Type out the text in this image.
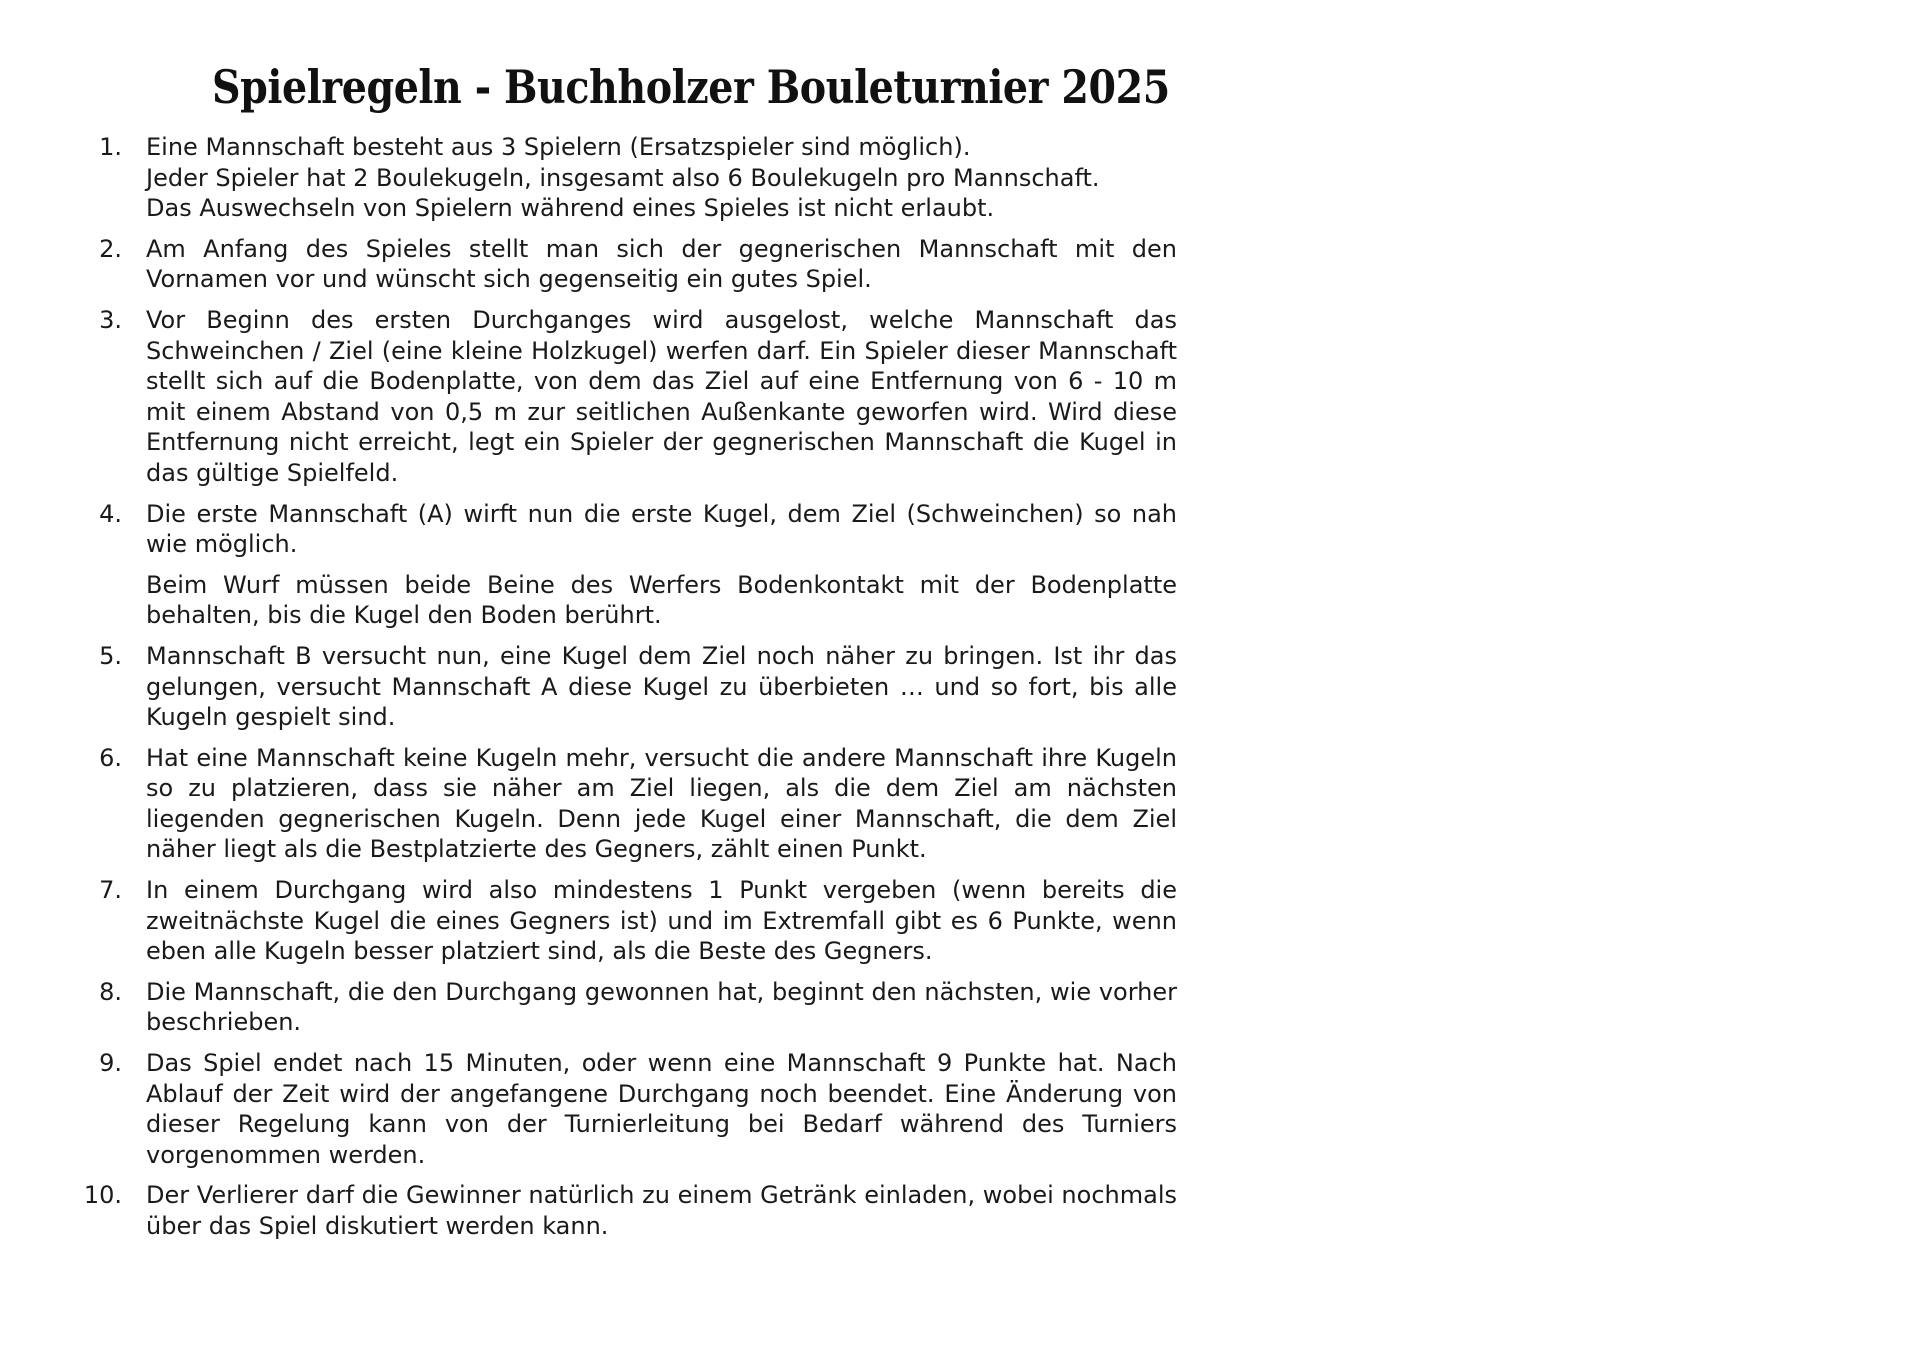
Spielregeln - Buchholzer Bouleturnier 2025
1. Eine Mannschaft besteht aus 3 Spielern (Ersatzspieler sind möglich).
Jeder Spieler hat 2 Boulekugeln, insgesamt also 6 Boulekugeln pro Mannschaft.
Das Auswechseln von Spielern während eines Spieles ist nicht erlaubt.

2. Am Anfang des Spieles stellt man sich der gegnerischen Mannschaft mit den Vornamen vor und wünscht sich gegenseitig ein gutes Spiel.

3. Vor Beginn des ersten Durchganges wird ausgelost, welche Mannschaft das Schweinchen / Ziel (eine kleine Holzkugel) werfen darf. Ein Spieler dieser Mannschaft stellt sich auf die Bodenplatte, von dem das Ziel auf eine Entfernung von 6 - 10 m mit einem Abstand von 0,5 m zur seitlichen Außenkante geworfen wird. Wird diese Entfernung nicht erreicht, legt ein Spieler der gegnerischen Mannschaft die Kugel in das gültige Spielfeld.

4. Die erste Mannschaft (A) wirft nun die erste Kugel, dem Ziel (Schweinchen) so nah wie möglich.

Beim Wurf müssen beide Beine des Werfers Bodenkontakt mit der Bodenplatte behalten, bis die Kugel den Boden berührt.

5. Mannschaft B versucht nun, eine Kugel dem Ziel noch näher zu bringen. Ist ihr das gelungen, versucht Mannschaft A diese Kugel zu überbieten … und so fort, bis alle Kugeln gespielt sind.

6. Hat eine Mannschaft keine Kugeln mehr, versucht die andere Mannschaft ihre Kugeln so zu platzieren, dass sie näher am Ziel liegen, als die dem Ziel am nächsten liegenden gegnerischen Kugeln. Denn jede Kugel einer Mannschaft, die dem Ziel näher liegt als die Bestplatzierte des Gegners, zählt einen Punkt.

7. In einem Durchgang wird also mindestens 1 Punkt vergeben (wenn bereits die zweitnächste Kugel die eines Gegners ist) und im Extremfall gibt es 6 Punkte, wenn eben alle Kugeln besser platziert sind, als die Beste des Gegners.

8. Die Mannschaft, die den Durchgang gewonnen hat, beginnt den nächsten, wie vorher beschrieben.

9. Das Spiel endet nach 15 Minuten, oder wenn eine Mannschaft 9 Punkte hat. Nach Ablauf der Zeit wird der angefangene Durchgang noch beendet. Eine Änderung von dieser Regelung kann von der Turnierleitung bei Bedarf während des Turniers vorgenommen werden.

10. Der Verlierer darf die Gewinner natürlich zu einem Getränk einladen, wobei nochmals über das Spiel diskutiert werden kann.
